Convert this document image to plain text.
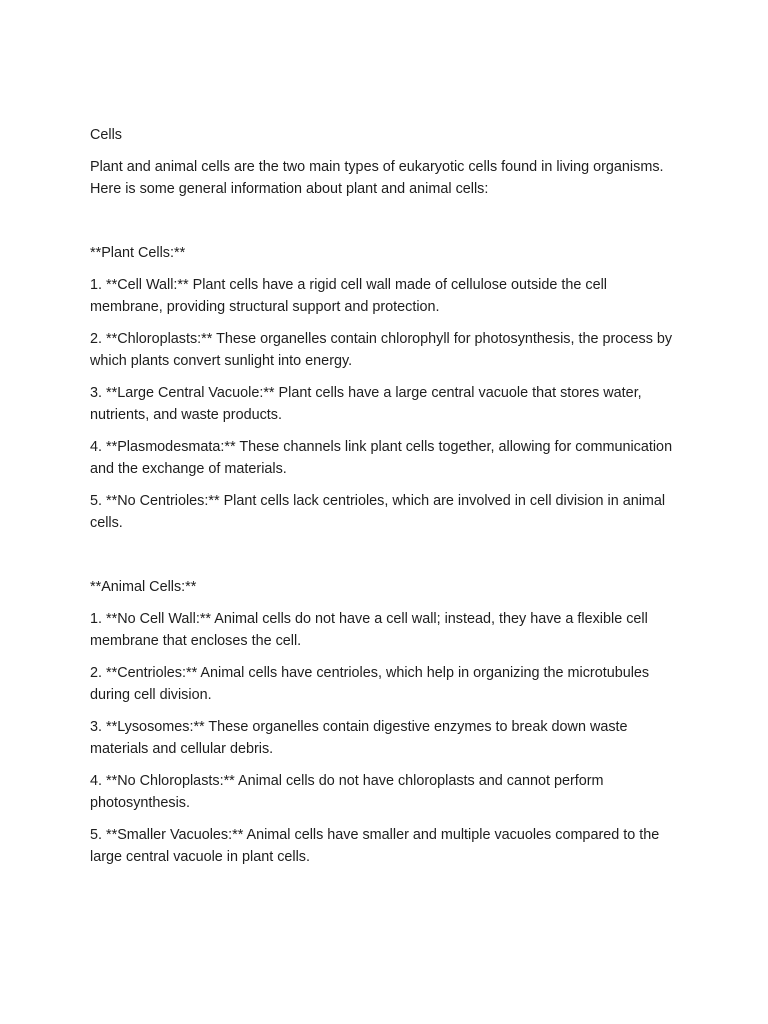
Cells

Plant and animal cells are the two main types of eukaryotic cells found in living organisms. Here is some general information about plant and animal cells:

**Plant Cells:**

1. **Cell Wall:** Plant cells have a rigid cell wall made of cellulose outside the cell membrane, providing structural support and protection.

2. **Chloroplasts:** These organelles contain chlorophyll for photosynthesis, the process by which plants convert sunlight into energy.

3. **Large Central Vacuole:** Plant cells have a large central vacuole that stores water, nutrients, and waste products.

4. **Plasmodesmata:** These channels link plant cells together, allowing for communication and the exchange of materials.

5. **No Centrioles:** Plant cells lack centrioles, which are involved in cell division in animal cells.

**Animal Cells:**

1. **No Cell Wall:** Animal cells do not have a cell wall; instead, they have a flexible cell membrane that encloses the cell.

2. **Centrioles:** Animal cells have centrioles, which help in organizing the microtubules during cell division.

3. **Lysosomes:** These organelles contain digestive enzymes to break down waste materials and cellular debris.

4. **No Chloroplasts:** Animal cells do not have chloroplasts and cannot perform photosynthesis.

5. **Smaller Vacuoles:** Animal cells have smaller and multiple vacuoles compared to the large central vacuole in plant cells.
